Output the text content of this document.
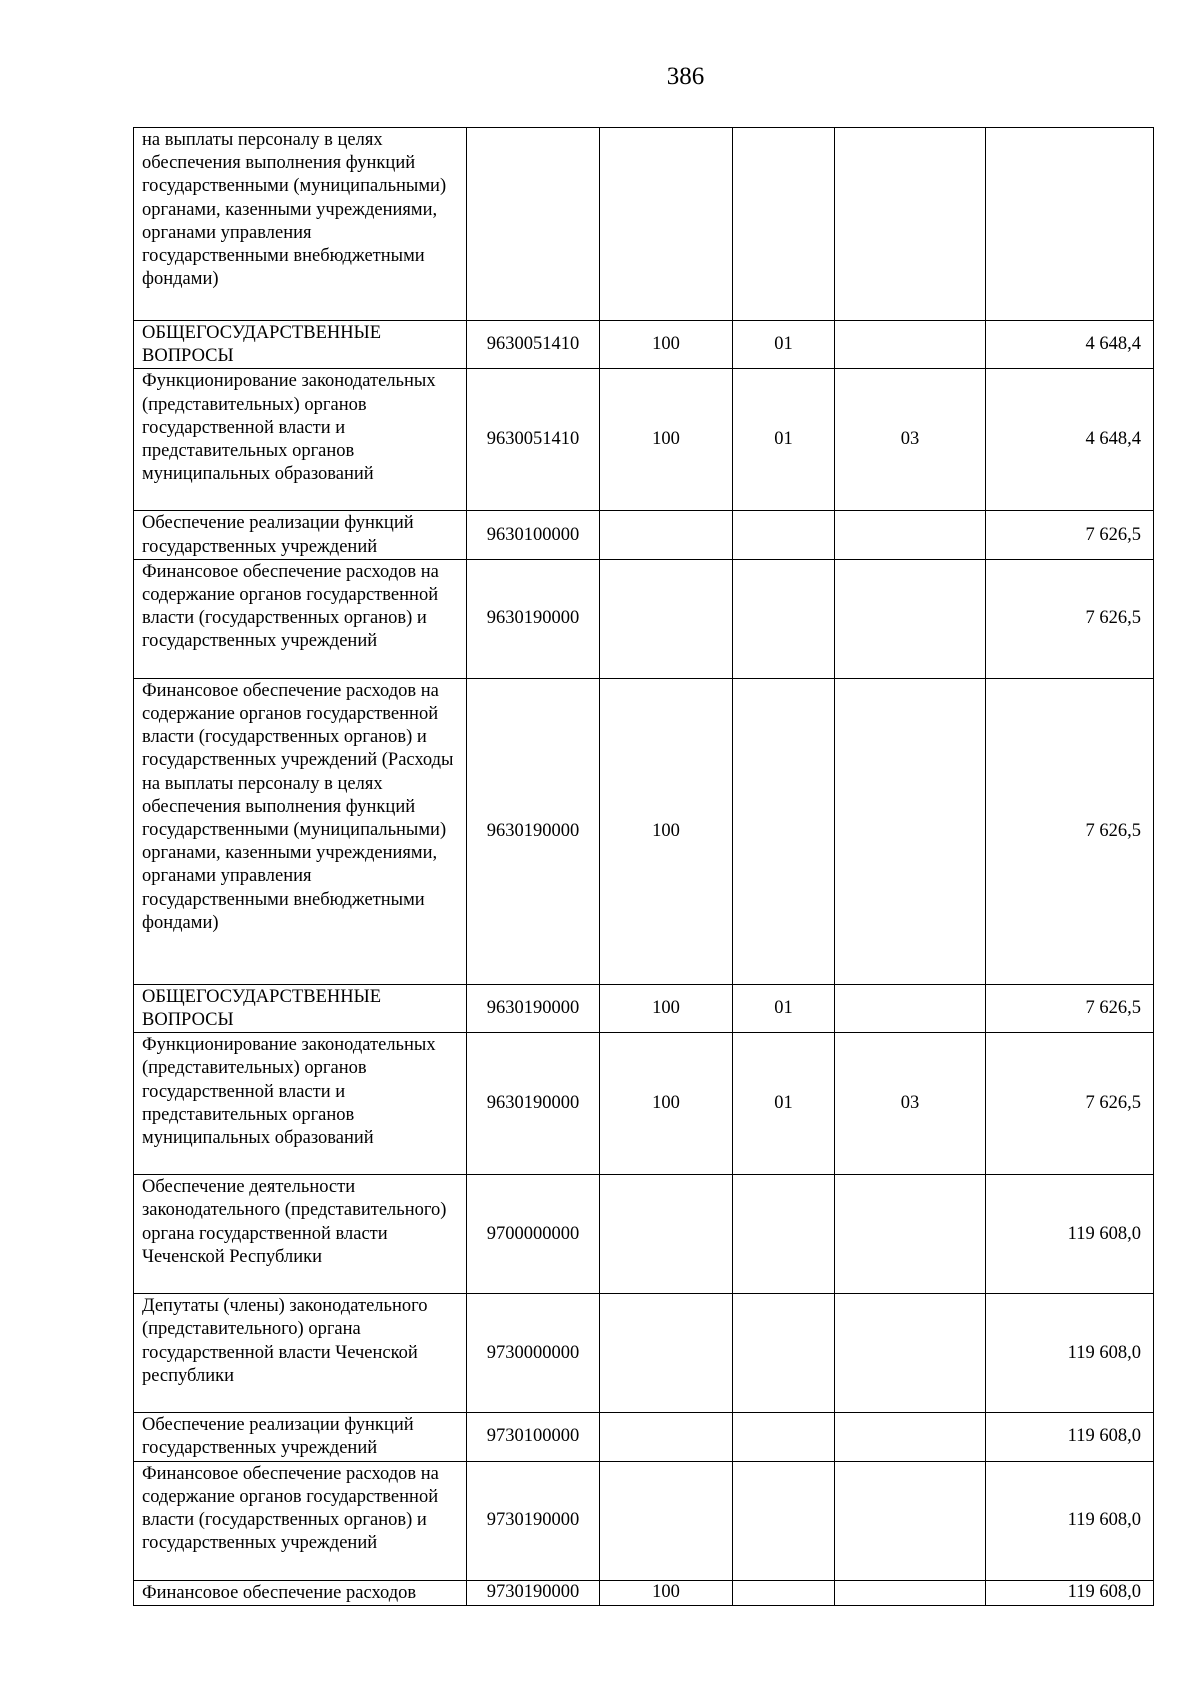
386
на выплаты персоналу в целях обеспечения выполнения функций государственными (муниципальными) органами, казенными учреждениями, органами управления государственными внебюджетными фондами)					
ОБЩЕГОСУДАРСТВЕННЫЕ ВОПРОСЫ	9630051410	100	01		4 648,4
Функционирование законодательных (представительных) органов государственной власти и представительных органов муниципальных образований	9630051410	100	01	03	4 648,4
Обеспечение реализации функций государственных учреждений	9630100000				7 626,5
Финансовое обеспечение расходов на содержание органов государственной власти (государственных органов) и государственных учреждений	9630190000				7 626,5
Финансовое обеспечение расходов на содержание органов государственной власти (государственных органов) и государственных учреждений (Расходы на выплаты персоналу в целях обеспечения выполнения функций государственными (муниципальными) органами, казенными учреждениями, органами управления государственными внебюджетными фондами)	9630190000	100			7 626,5
ОБЩЕГОСУДАРСТВЕННЫЕ ВОПРОСЫ	9630190000	100	01		7 626,5
Функционирование законодательных (представительных) органов государственной власти и представительных органов муниципальных образований	9630190000	100	01	03	7 626,5
Обеспечение деятельности законодательного (представительного) органа государственной власти Чеченской Республики	9700000000				119 608,0
Депутаты (члены) законодательного (представительного) органа государственной власти Чеченской республики	9730000000				119 608,0
Обеспечение реализации функций государственных учреждений	9730100000				119 608,0
Финансовое обеспечение расходов на содержание органов государственной власти (государственных органов) и государственных учреждений	9730190000				119 608,0
Финансовое обеспечение расходов	9730190000	100			119 608,0
